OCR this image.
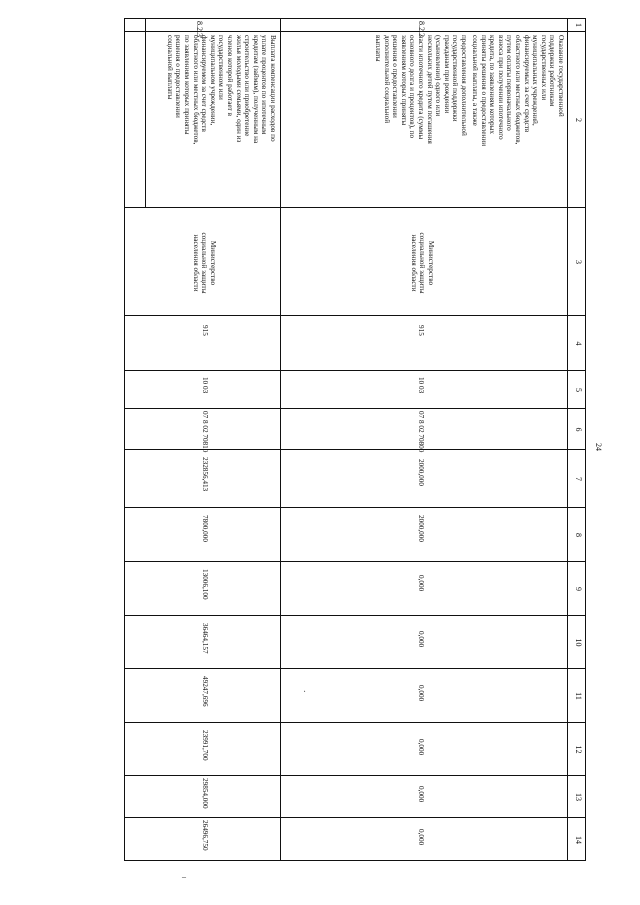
24
1
2
3
4
5
6
7
8
9
10
11
12
13
14
8.2.2
Оказание государственной
поддержки работникам
государственных или
муниципальных учреждений,
финансируемых за счет средств
областного или местных бюджетов,
путем оплаты первоначального
взноса при получении ипотечного
кредита, по заявлениям которых
приняты решения о предоставлении
социальной выплаты, а также
предоставления дополнительной
государственной поддержки
гражданам при рождении
(усыновлении) одного или
нескольких детей путем погашения
части ипотечного кредита (суммы
основного долга и процентов), по
заявлениям которых приняты
решения о предоставлении
дополнительной социальной
выплаты
Министерство
социальной защиты
населения области
915
10 03
07 8 02 70800
2000,000
2000,000
0,000
0,000
0,000
0,000
0,000
0,000
8.2.3
Выплата компенсации расходов по
уплате процентов по ипотечным
кредитам (займам), полученным на
строительство или приобретение
жилья молодыми семьями, один из
членов которой работает в
государственном или
муниципальном учреждении,
финансируемом за счет средств
областного или местных бюджетов,
по заявлениям которых приняты
решения о предоставлении
социальной выплаты
Министерство
социальной защиты
населения области
915
10 03
07 8 02 70810
232856,413
7800,000
13006,100
36464,157
49247,696
23991,700
29854,000
26496,750
‧
‒
